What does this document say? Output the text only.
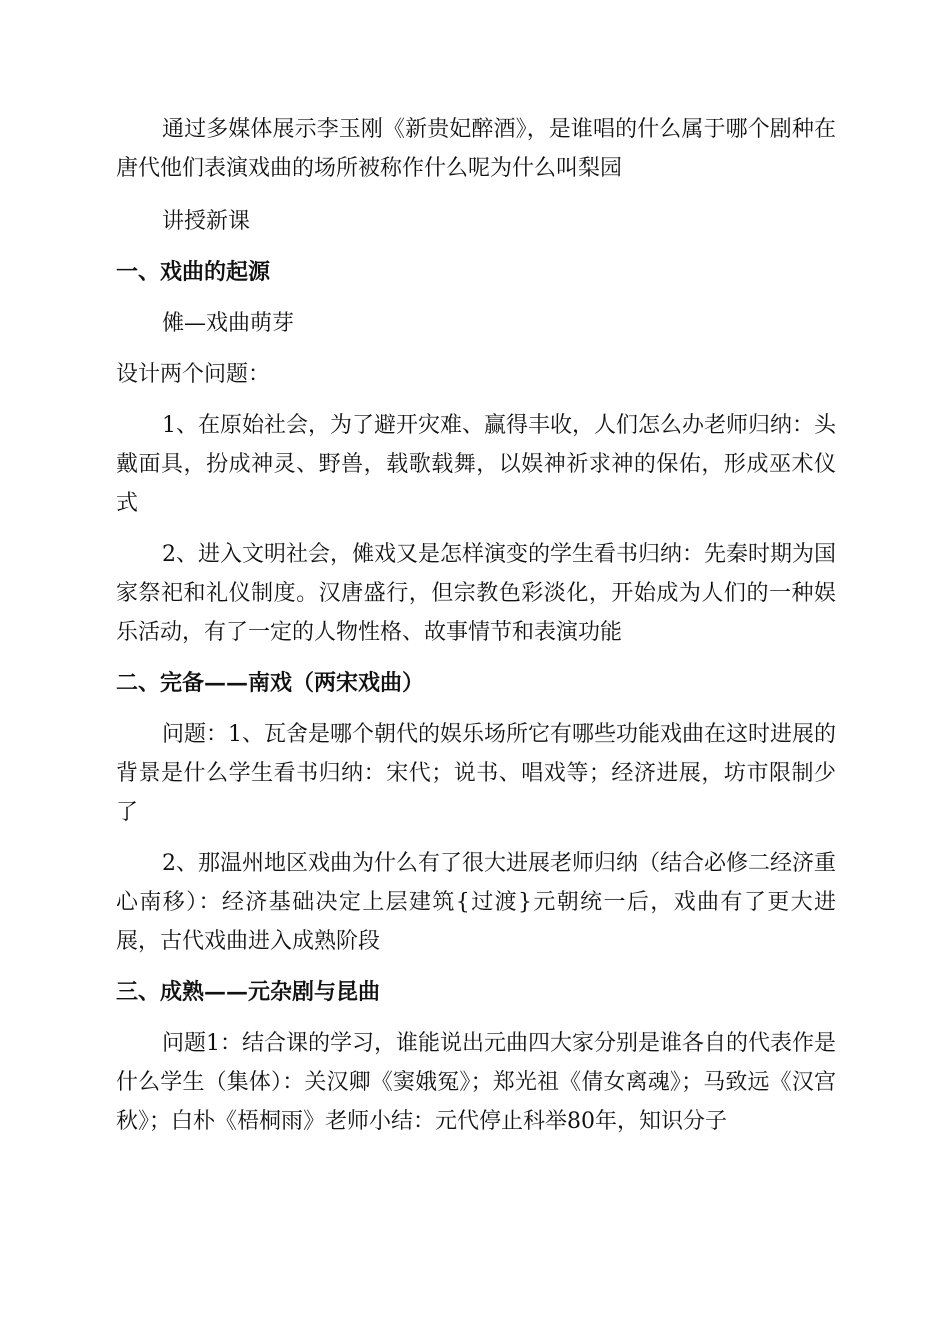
通过多媒体展示李玉刚《新贵妃醉酒》，是谁唱的什么属于哪个剧种在唐代他们表演戏曲的场所被称作什么呢为什么叫梨园

讲授新课

一、戏曲的起源

傩—戏曲萌芽

设计两个问题：

1、在原始社会，为了避开灾难、赢得丰收，人们怎么办老师归纳：头戴面具，扮成神灵、野兽，载歌载舞，以娱神祈求神的保佑，形成巫术仪式

2、进入文明社会，傩戏又是怎样演变的学生看书归纳：先秦时期为国家祭祀和礼仪制度。汉唐盛行，但宗教色彩淡化，开始成为人们的一种娱乐活动，有了一定的人物性格、故事情节和表演功能

二、完备——南戏（两宋戏曲）

问题：1、瓦舍是哪个朝代的娱乐场所它有哪些功能戏曲在这时进展的背景是什么学生看书归纳：宋代；说书、唱戏等；经济进展，坊市限制少了

2、那温州地区戏曲为什么有了很大进展老师归纳（结合必修二经济重心南移）：经济基础决定上层建筑{过渡}元朝统一后，戏曲有了更大进展，古代戏曲进入成熟阶段

三、成熟——元杂剧与昆曲

问题1：结合课的学习，谁能说出元曲四大家分别是谁各自的代表作是什么学生（集体）：关汉卿《窦娥冤》；郑光祖《倩女离魂》；马致远《汉宫秋》；白朴《梧桐雨》老师小结：元代停止科举80年，知识分子
